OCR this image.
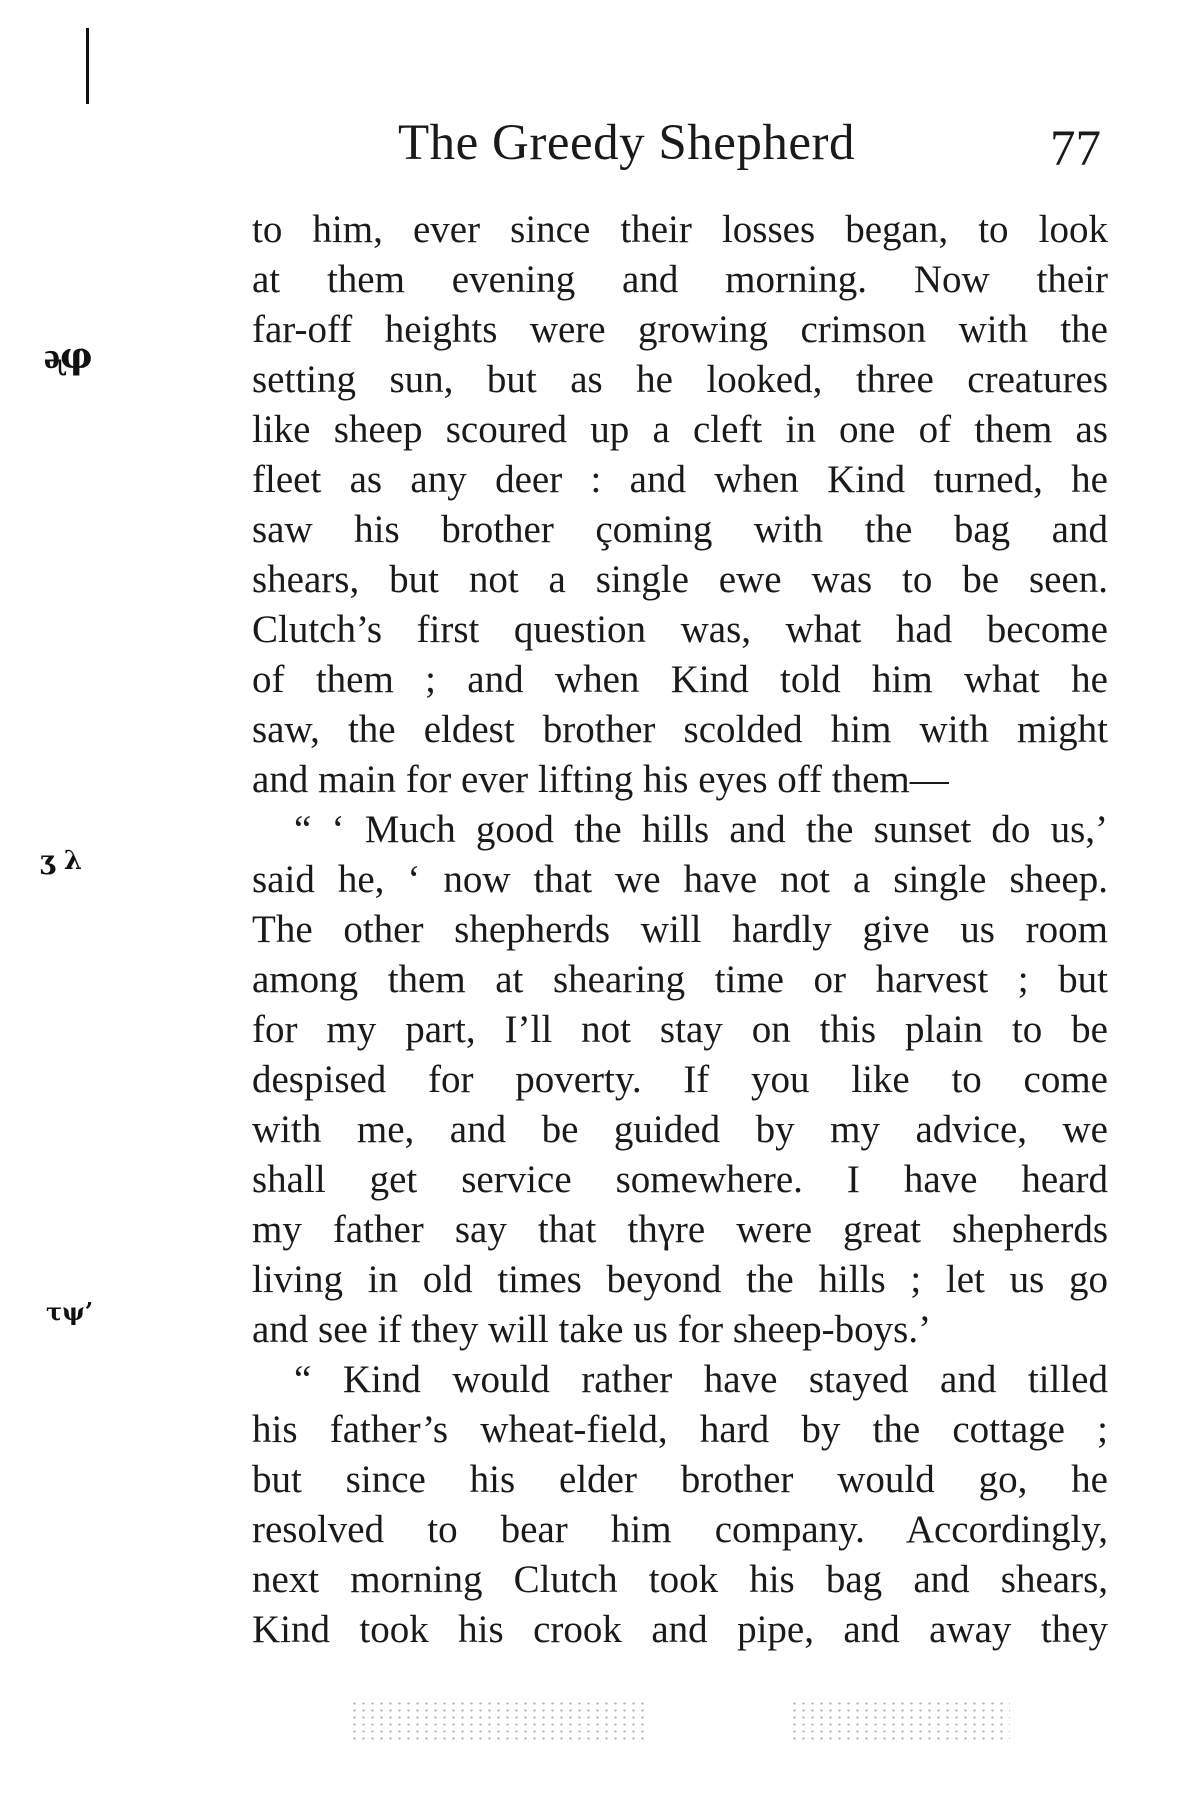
ᶕφ
ʒ λ
τψ’
The Greedy Shepherd	77
to him, ever since their losses began, to look
at them evening and morning. Now their
far-off heights were growing crimson with the
setting sun, but as he looked, three creatures
like sheep scoured up a cleft in one of them as
fleet as any deer : and when Kind turned, he
saw his brother çoming with the bag and
shears, but not a single ewe was to be seen.
Clutch’s first question was, what had become
of them ; and when Kind told him what he
saw, the eldest brother scolded him with might
and main for ever lifting his eyes off them—
“ ‘ Much good the hills and the sunset do us,’
said he, ‘ now that we have not a single sheep.
The other shepherds will hardly give us room
among them at shearing time or harvest ; but
for my part, I’ll not stay on this plain to be
despised for poverty. If you like to come
with me, and be guided by my advice, we
shall get service somewhere. I have heard
my father say that thγre were great shepherds
living in old times beyond the hills ; let us go
and see if they will take us for sheep-boys.’
“ Kind would rather have stayed and tilled
his father’s wheat-field, hard by the cottage ;
but since his elder brother would go, he
resolved to bear him company. Accordingly,
next morning Clutch took his bag and shears,
Kind took his crook and pipe, and away they
